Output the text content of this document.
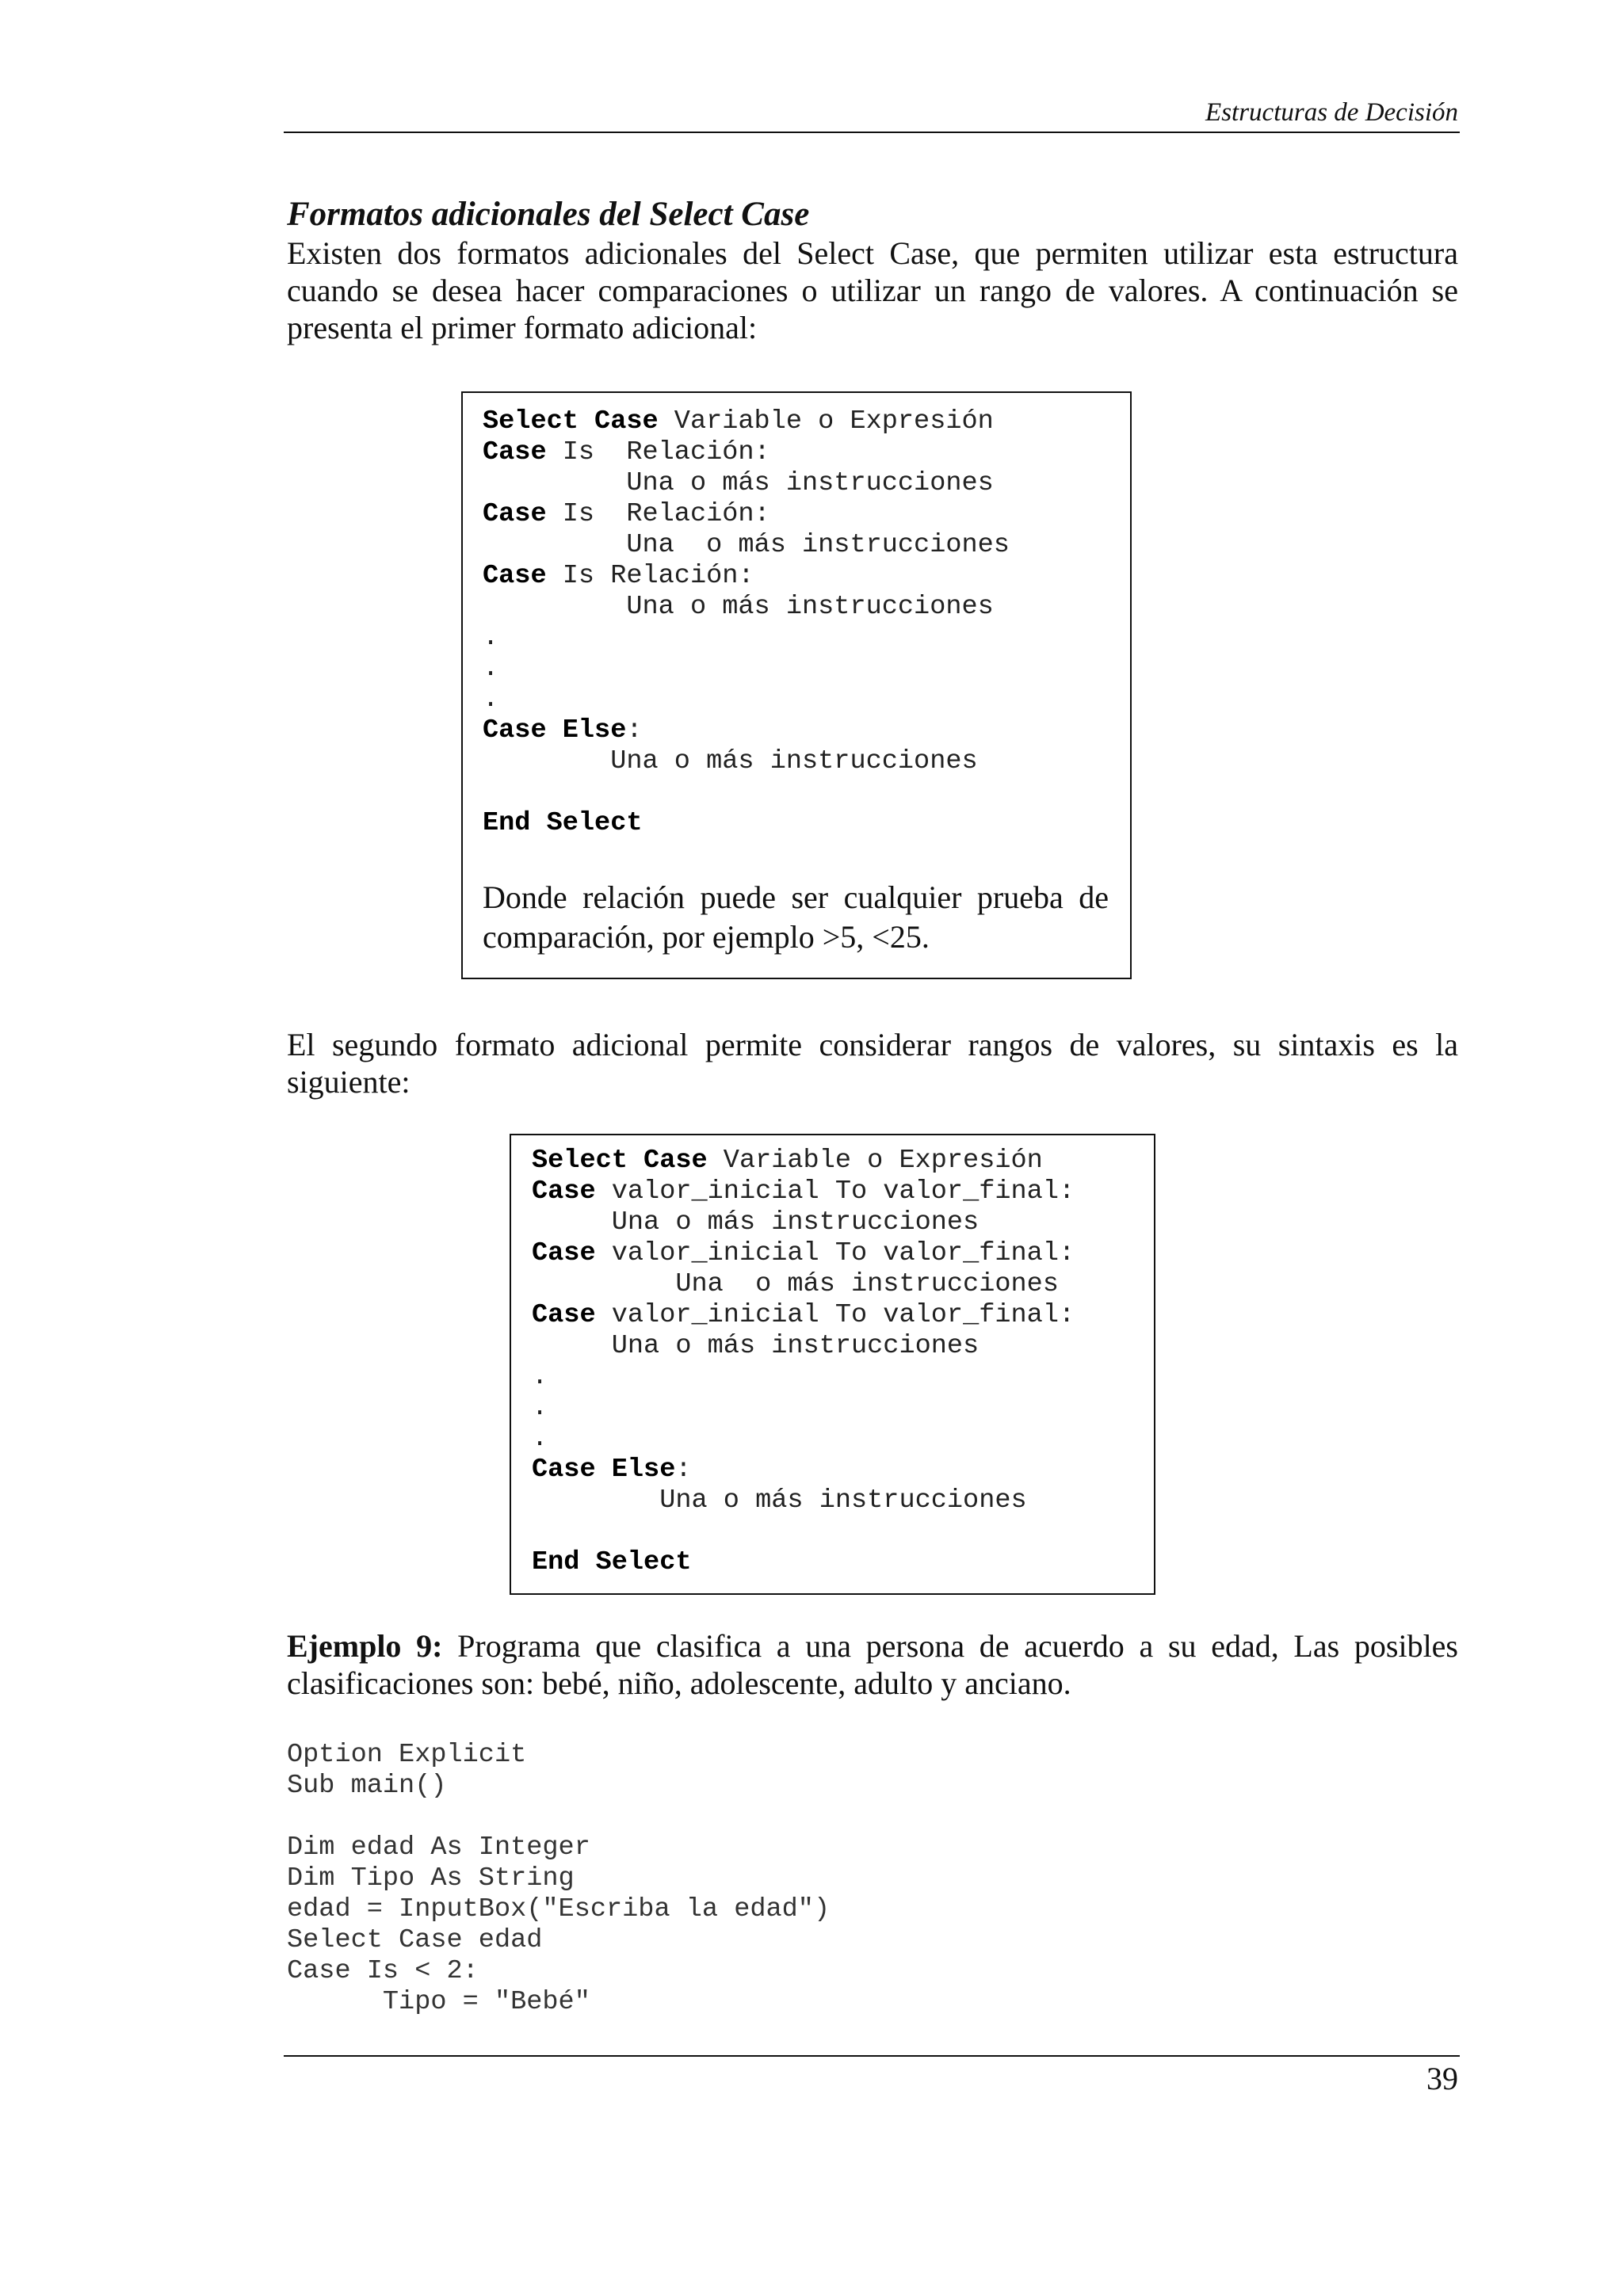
Estructuras de Decisión
Formatos adicionales del Select Case
Existen dos formatos adicionales del Select Case, que permiten utilizar esta estructura cuando se desea hacer comparaciones o utilizar un rango de valores. A continuación se presenta el primer formato adicional:
Select Case Variable o Expresión
Case Is  Relación:
Una o más instrucciones
Case Is  Relación:
Una  o más instrucciones
Case Is Relación:
Una o más instrucciones
.
.
.
Case Else:
Una o más instrucciones

End Select
Donde relación puede ser cualquier prueba de comparación, por ejemplo >5, <25.
El segundo formato adicional permite considerar rangos de valores, su sintaxis es la siguiente:
Select Case Variable o Expresión
Case valor_inicial To valor_final:
Una o más instrucciones
Case valor_inicial To valor_final:
Una  o más instrucciones
Case valor_inicial To valor_final:
Una o más instrucciones
.
.
.
Case Else:
Una o más instrucciones

End Select
Ejemplo 9: Programa que clasifica a una persona de acuerdo a su edad, Las posibles clasificaciones son: bebé, niño, adolescente, adulto y anciano.
Option Explicit
Sub main()

Dim edad As Integer
Dim Tipo As String
edad = InputBox("Escriba la edad")
Select Case edad
Case Is < 2:
Tipo = "Bebé"
39
